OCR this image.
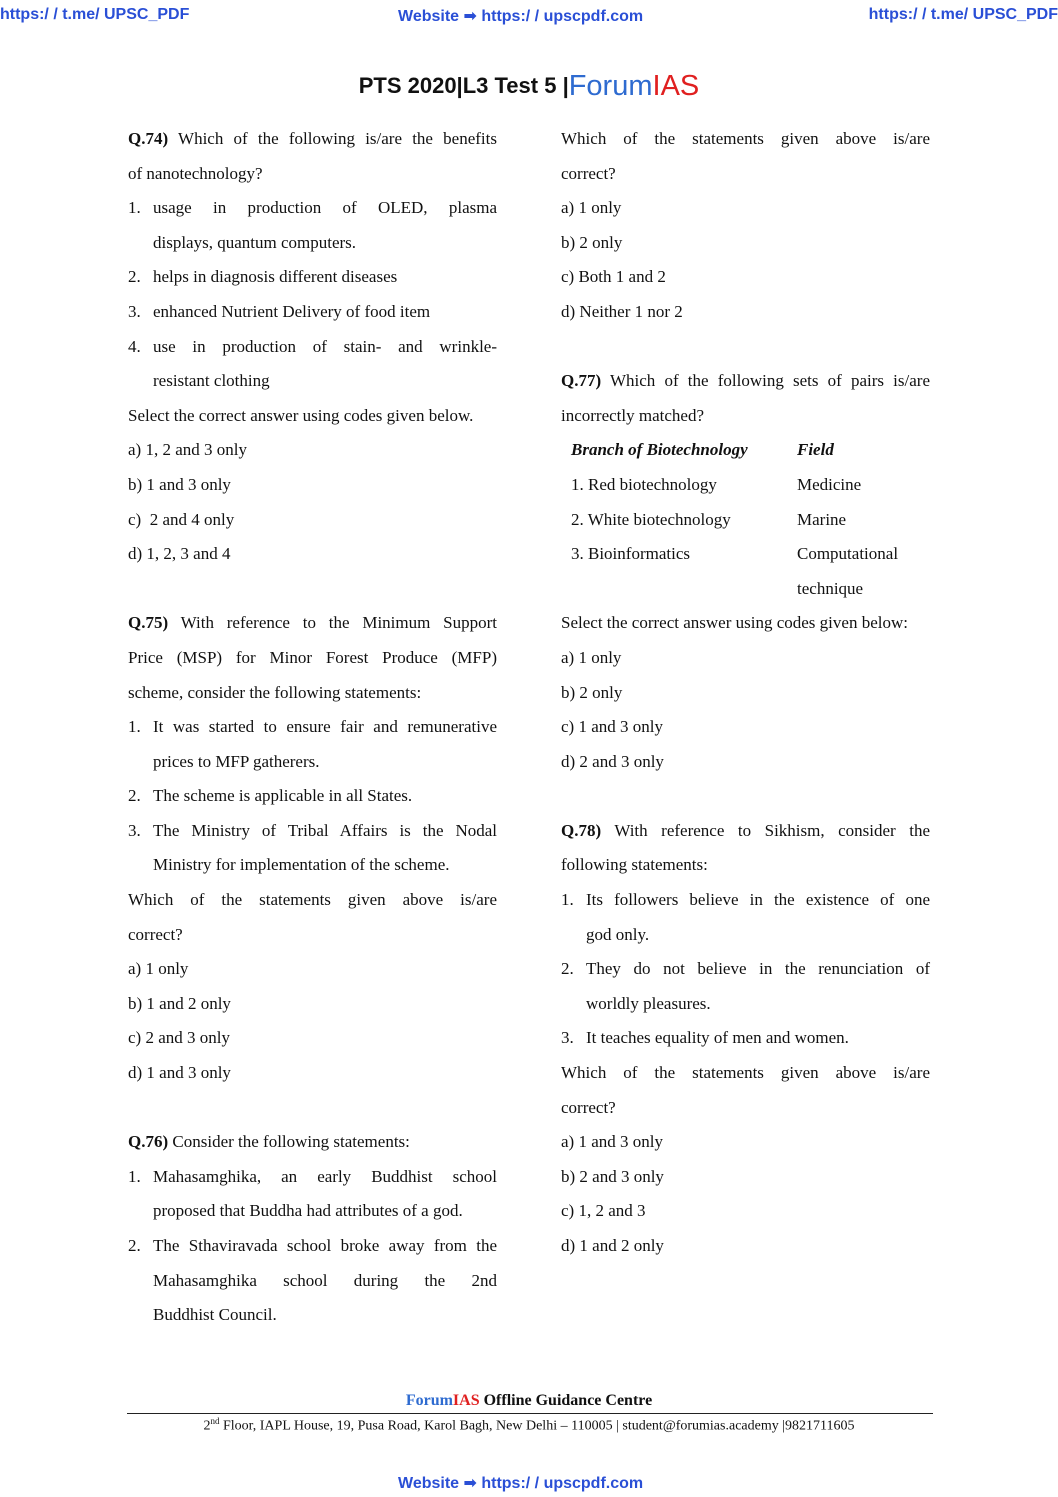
https:/ / t.me/ UPSC_PDF	Website ➡ https:/ / upscpdf.com	https:/ / t.me/ UPSC_PDF
PTS 2020|L3 Test 5 |ForumIAS
Q.74) Which of the following is/are the benefits
of nanotechnology?
1. usage in production of OLED, plasma
displays, quantum computers.
2. helps in diagnosis different diseases
3. enhanced Nutrient Delivery of food item
4. use in production of stain- and wrinkle-
resistant clothing
Select the correct answer using codes given below.
a) 1, 2 and 3 only
b) 1 and 3 only
c)  2 and 4 only
d) 1, 2, 3 and 4
Q.75) With reference to the Minimum Support
Price (MSP) for Minor Forest Produce (MFP)
scheme, consider the following statements:
1. It was started to ensure fair and remunerative
prices to MFP gatherers.
2. The scheme is applicable in all States.
3. The Ministry of Tribal Affairs is the Nodal
Ministry for implementation of the scheme.
Which of the statements given above is/are
correct?
a) 1 only
b) 1 and 2 only
c) 2 and 3 only
d) 1 and 3 only
Q.76) Consider the following statements:
1. Mahasamghika, an early Buddhist school
proposed that Buddha had attributes of a god.
2. The Sthaviravada school broke away from the
Mahasamghika school during the 2nd
Buddhist Council.
Which of the statements given above is/are
correct?
a) 1 only
b) 2 only
c) Both 1 and 2
d) Neither 1 nor 2
Q.77) Which of the following sets of pairs is/are
incorrectly matched?
Branch of Biotechnology	Field
1. Red biotechnology	Medicine
2. White biotechnology	Marine
3. Bioinformatics	Computational
technique
Select the correct answer using codes given below:
a) 1 only
b) 2 only
c) 1 and 3 only
d) 2 and 3 only
Q.78) With reference to Sikhism, consider the
following statements:
1. Its followers believe in the existence of one
god only.
2. They do not believe in the renunciation of
worldly pleasures.
3. It teaches equality of men and women.
Which of the statements given above is/are
correct?
a) 1 and 3 only
b) 2 and 3 only
c) 1, 2 and 3
d) 1 and 2 only
ForumIAS Offline Guidance Centre
2nd Floor, IAPL House, 19, Pusa Road, Karol Bagh, New Delhi – 110005 | student@forumias.academy |9821711605
Website ➡ https:/ / upscpdf.com
